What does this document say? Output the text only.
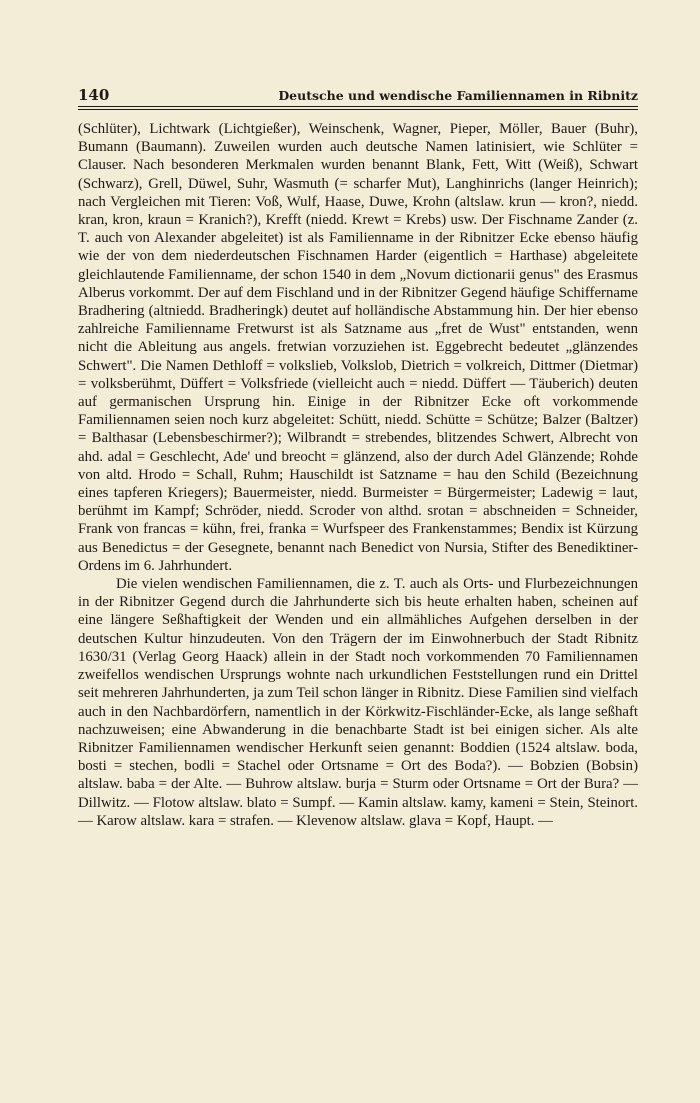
140	Deutsche und wendische Familiennamen in Ribnitz

(Schlüter), Lichtwark (Lichtgießer), Weinschenk, Wagner, Pieper, Möller, Bauer (Buhr), Bumann (Baumann). Zuweilen wurden auch deutsche Namen latinisiert, wie Schlüter = Clauser. Nach besonderen Merkmalen wurden benannt Blank, Fett, Witt (Weiß), Schwart (Schwarz), Grell, Düwel, Suhr, Wasmuth (= scharfer Mut), Langhinrichs (langer Heinrich); nach Vergleichen mit Tieren: Voß, Wulf, Haase, Duwe, Krohn (altslaw. krun — kron?, niedd. kran, kron, kraun = Kranich?), Krefft (niedd. Krewt = Krebs) usw. Der Fischname Zander (z. T. auch von Alexander abgeleitet) ist als Familienname in der Ribnitzer Ecke ebenso häufig wie der von dem niederdeutschen Fischnamen Harder (eigentlich = Harthase) abgeleitete gleichlautende Familienname, der schon 1540 in dem „Novum dictionarii genus" des Erasmus Alberus vorkommt. Der auf dem Fischland und in der Ribnitzer Gegend häufige Schiffername Bradhering (altniedd. Bradheringk) deutet auf holländische Abstammung hin. Der hier ebenso zahlreiche Familienname Fretwurst ist als Satzname aus „fret de Wust" entstanden, wenn nicht die Ableitung aus angels. fretwian vorzuziehen ist. Eggebrecht bedeutet „glänzendes Schwert". Die Namen Dethloff = volkslieb, Volkslob, Dietrich = volkreich, Dittmer (Dietmar) = volksberühmt, Düffert = Volksfriede (vielleicht auch = niedd. Düffert — Täuberich) deuten auf germanischen Ursprung hin. Einige in der Ribnitzer Ecke oft vorkommende Familiennamen seien noch kurz abgeleitet: Schütt, niedd. Schütte = Schütze; Balzer (Baltzer) = Balthasar (Lebensbeschirmer?); Wilbrandt = strebendes, blitzendes Schwert, Albrecht von ahd. adal = Geschlecht, Ade' und breocht = glänzend, also der durch Adel Glänzende; Rohde von altd. Hrodo = Schall, Ruhm; Hauschildt ist Satzname = hau den Schild (Bezeichnung eines tapferen Kriegers); Bauermeister, niedd. Burmeister = Bürgermeister; Ladewig = laut, berühmt im Kampf; Schröder, niedd. Scroder von althd. srotan = abschneiden = Schneider, Frank von francas = kühn, frei, franka = Wurfspeer des Frankenstammes; Bendix ist Kürzung aus Benedictus = der Gesegnete, benannt nach Benedict von Nursia, Stifter des Benediktiner-Ordens im 6. Jahrhundert.

Die vielen wendischen Familiennamen, die z. T. auch als Orts- und Flurbezeichnungen in der Ribnitzer Gegend durch die Jahrhunderte sich bis heute erhalten haben, scheinen auf eine längere Seßhaftigkeit der Wenden und ein allmähliches Aufgehen derselben in der deutschen Kultur hinzudeuten. Von den Trägern der im Einwohnerbuch der Stadt Ribnitz 1630/31 (Verlag Georg Haack) allein in der Stadt noch vorkommenden 70 Familiennamen zweifellos wendischen Ursprungs wohnte nach urkundlichen Feststellungen rund ein Drittel seit mehreren Jahrhunderten, ja zum Teil schon länger in Ribnitz. Diese Familien sind vielfach auch in den Nachbardörfern, namentlich in der Körkwitz-Fischländer-Ecke, als lange seßhaft nachzuweisen; eine Abwanderung in die benachbarte Stadt ist bei einigen sicher. Als alte Ribnitzer Familiennamen wendischer Herkunft seien genannt: Boddien (1524 altslaw. boda, bosti = stechen, bodli = Stachel oder Ortsname = Ort des Boda?). — Bobzien (Bobsin) altslaw. baba = der Alte. — Buhrow altslaw. burja = Sturm oder Ortsname = Ort der Bura? — Dillwitz. — Flotow altslaw. blato = Sumpf. — Kamin altslaw. kamy, kameni = Stein, Steinort. — Karow altslaw. kara = strafen. — Klevenow altslaw. glava = Kopf, Haupt. —
